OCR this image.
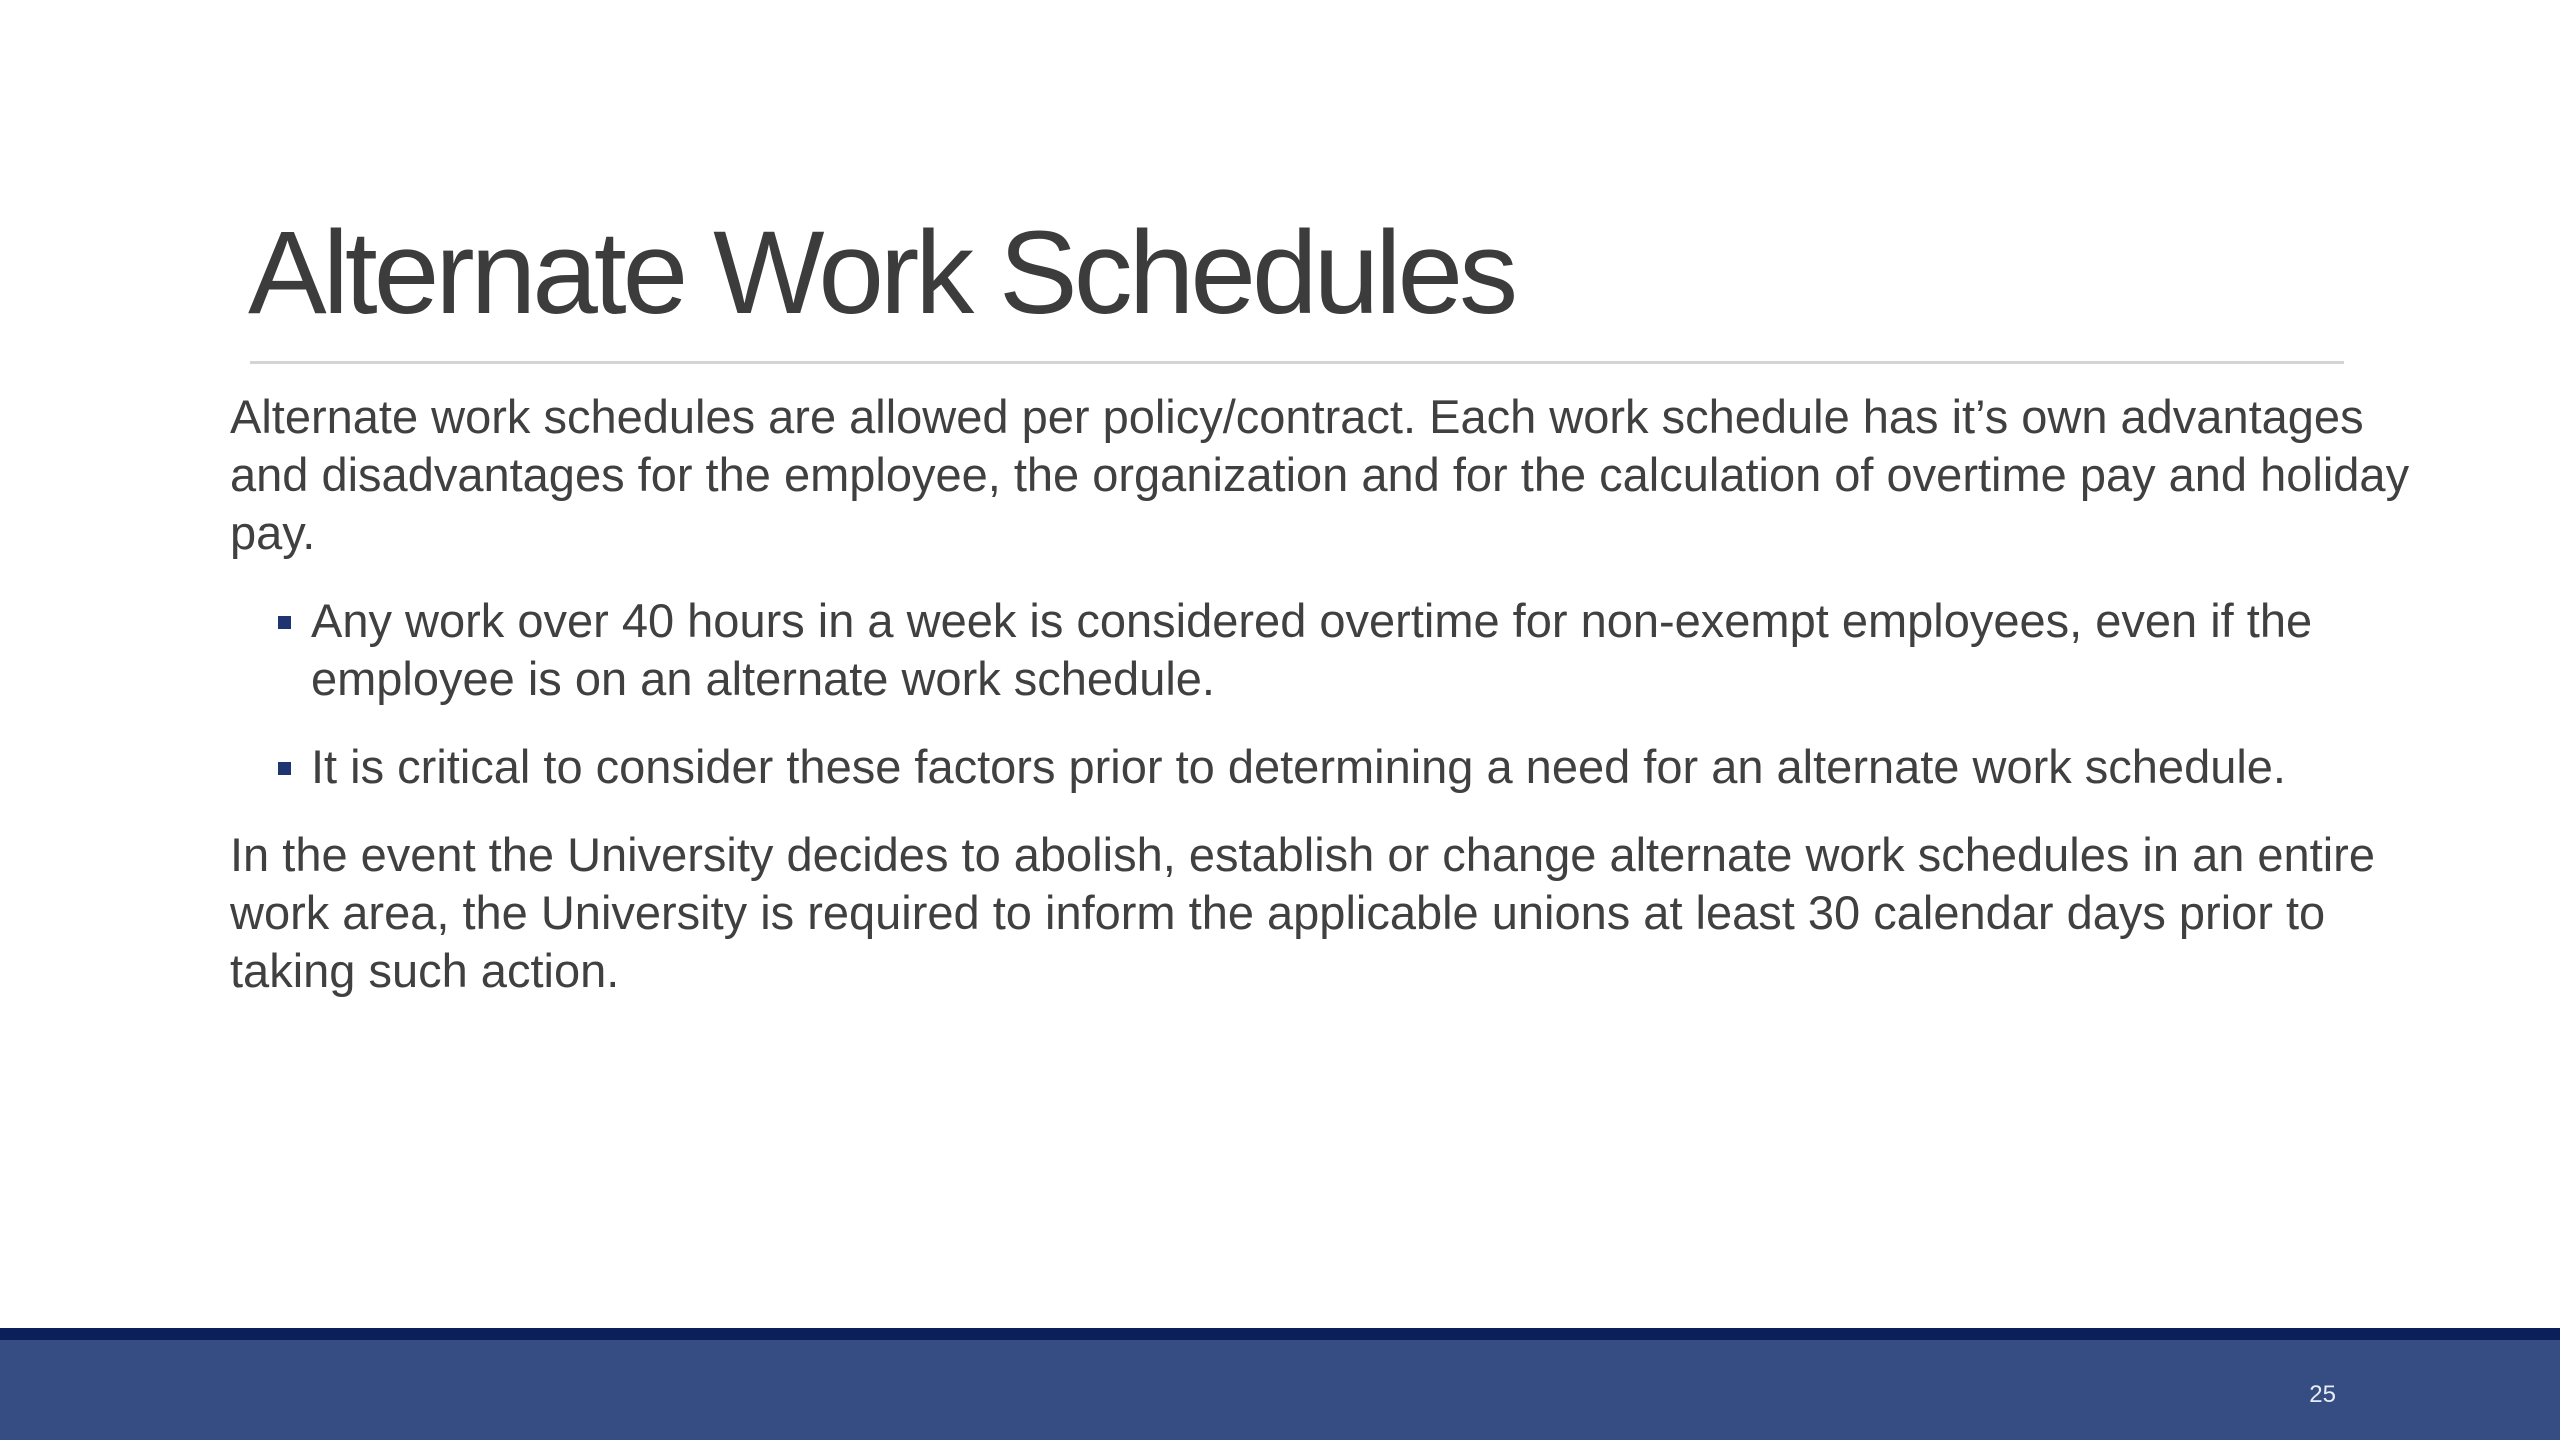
Alternate Work Schedules

Alternate work schedules are allowed per policy/contract. Each work schedule has it’s own advantages and disadvantages for the employee, the organization and for the calculation of overtime pay and holiday pay.

Any work over 40 hours in a week is considered overtime for non-exempt employees, even if the employee is on an alternate work schedule.
It is critical to consider these factors prior to determining a need for an alternate work schedule.

In the event the University decides to abolish, establish or change alternate work schedules in an entire work area, the University is required to inform the applicable unions at least 30 calendar days prior to taking such action.

25
